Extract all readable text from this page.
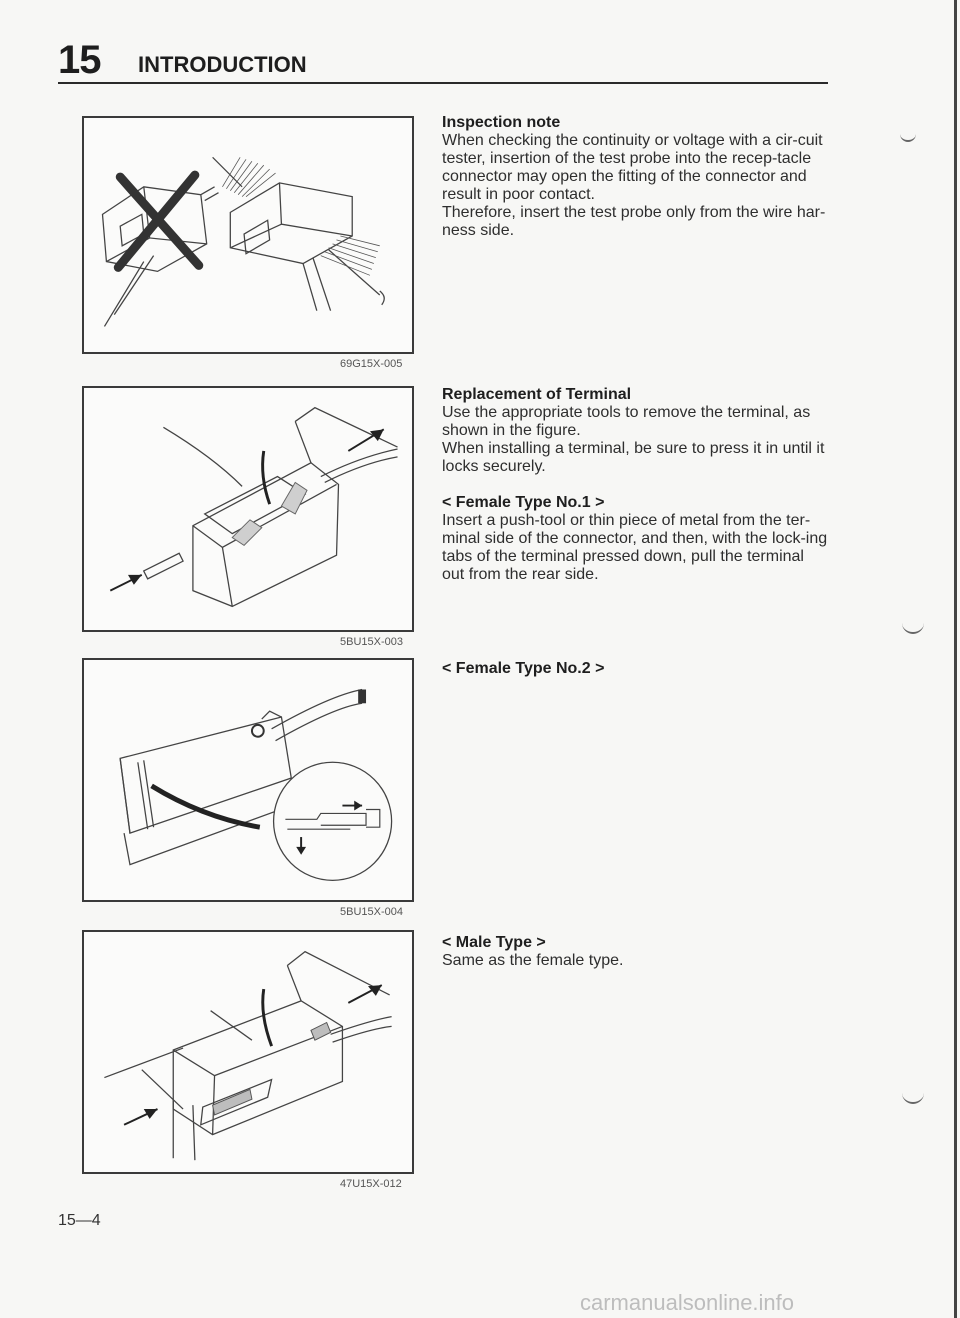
15 INTRODUCTION
69G15X-005
5BU15X-003
5BU15X-004
47U15X-012
Inspection note

When checking the continuity or voltage with a cir-cuit tester, insertion of the test probe into the recep-tacle connector may open the fitting of the connector and result in poor contact.

Therefore, insert the test probe only from the wire har-ness side.

Replacement of Terminal

Use the appropriate tools to remove the terminal, as shown in the figure.

When installing a terminal, be sure to press it in until it locks securely.

< Female Type No.1 >

Insert a push-tool or thin piece of metal from the ter-minal side of the connector, and then, with the lock-ing tabs of the terminal pressed down, pull the terminal out from the rear side.

< Female Type No.2 >

< Male Type >

Same as the female type.

15—4
carmanualsonline.info
